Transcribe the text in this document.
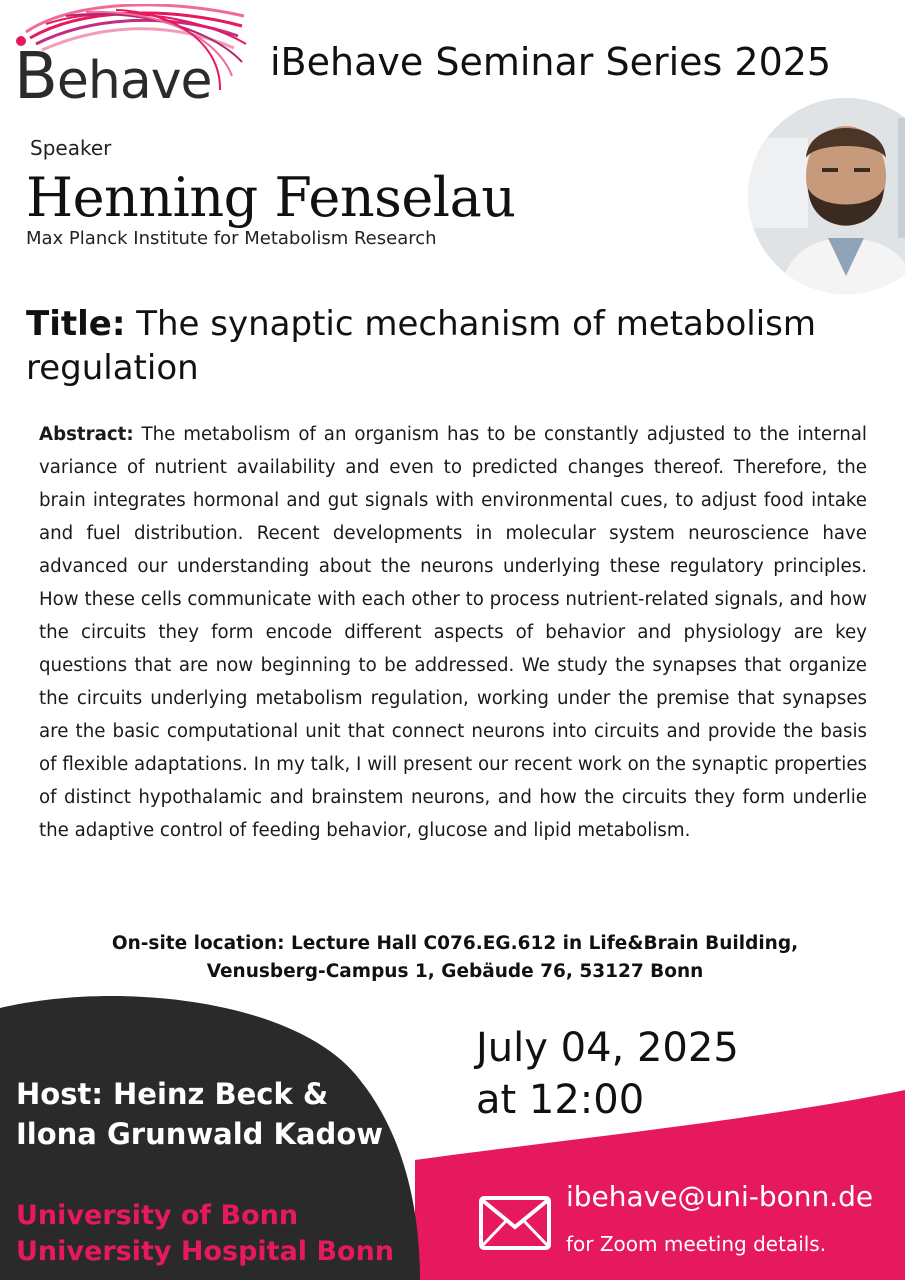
Behave iBehave Seminar Series 2025
Speaker
Henning Fenselau
Max Planck Institute for Metabolism Research
Title: The synaptic mechanism of metabolism regulation
Abstract: The metabolism of an organism has to be constantly adjusted to the internal variance of nutrient availability and even to predicted changes thereof. Therefore, the brain integrates hormonal and gut signals with environmental cues, to adjust food intake and fuel distribution. Recent developments in molecular system neuroscience have advanced our understanding about the neurons underlying these regulatory principles. How these cells communicate with each other to process nutrient-related signals, and how the circuits they form encode different aspects of behavior and physiology are key questions that are now beginning to be addressed. We study the synapses that organize the circuits underlying metabolism regulation, working under the premise that synapses are the basic computational unit that connect neurons into circuits and provide the basis of flexible adaptations. In my talk, I will present our recent work on the synaptic properties of distinct hypothalamic and brainstem neurons, and how the circuits they form underlie the adaptive control of feeding behavior, glucose and lipid metabolism.
On-site location: Lecture Hall C076.EG.612 in Life&Brain Building,
Venusberg-Campus 1, Gebäude 76, 53127 Bonn
July 04, 2025
at 12:00
Host: Heinz Beck &
Ilona Grunwald Kadow
University of Bonn
University Hospital Bonn
ibehave@uni-bonn.de
for Zoom meeting details.
